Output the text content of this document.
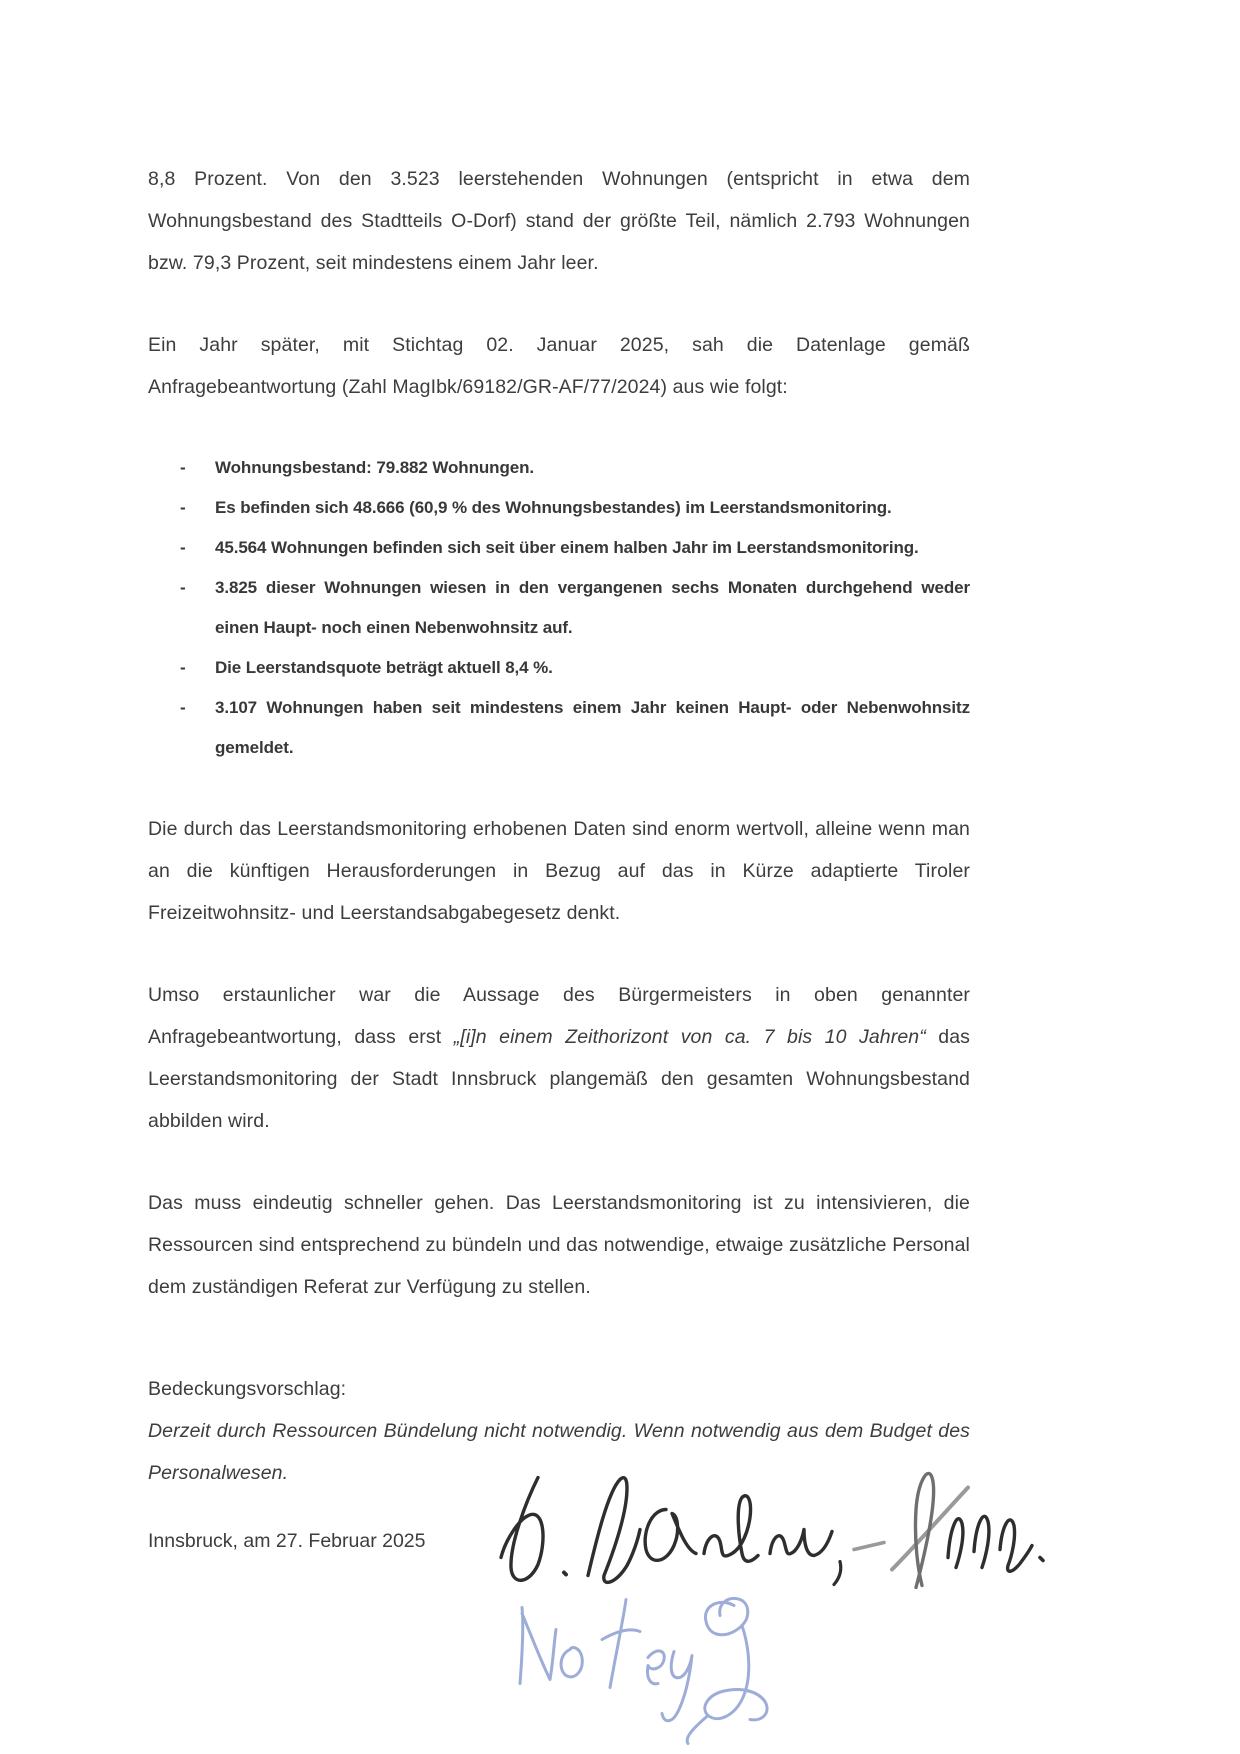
8,8 Prozent. Von den 3.523 leerstehenden Wohnungen (entspricht in etwa dem Wohnungsbestand des Stadtteils O-Dorf) stand der größte Teil, nämlich 2.793 Wohnungen bzw. 79,3 Prozent, seit mindestens einem Jahr leer.

Ein Jahr später, mit Stichtag 02. Januar 2025, sah die Datenlage gemäß Anfragebeantwortung (Zahl MagIbk/69182/GR-AF/77/2024) aus wie folgt:

-	Wohnungsbestand: 79.882 Wohnungen.
-	Es befinden sich 48.666 (60,9 % des Wohnungsbestandes) im Leerstandsmonitoring.
-	45.564 Wohnungen befinden sich seit über einem halben Jahr im Leerstandsmonitoring.
-	3.825 dieser Wohnungen wiesen in den vergangenen sechs Monaten durchgehend weder einen Haupt- noch einen Nebenwohnsitz auf.
-	Die Leerstandsquote beträgt aktuell 8,4 %.
-	3.107 Wohnungen haben seit mindestens einem Jahr keinen Haupt- oder Nebenwohnsitz gemeldet.

Die durch das Leerstandsmonitoring erhobenen Daten sind enorm wertvoll, alleine wenn man an die künftigen Herausforderungen in Bezug auf das in Kürze adaptierte Tiroler Freizeitwohnsitz- und Leerstandsabgabegesetz denkt.

Umso erstaunlicher war die Aussage des Bürgermeisters in oben genannter Anfragebeantwortung, dass erst „[i]n einem Zeithorizont von ca. 7 bis 10 Jahren“ das Leerstandsmonitoring der Stadt Innsbruck plangemäß den gesamten Wohnungsbestand abbilden wird.

Das muss eindeutig schneller gehen. Das Leerstandsmonitoring ist zu intensivieren, die Ressourcen sind entsprechend zu bündeln und das notwendige, etwaige zusätzliche Personal dem zuständigen Referat zur Verfügung zu stellen.

Bedeckungsvorschlag:

Derzeit durch Ressourcen Bündelung nicht notwendig. Wenn notwendig aus dem Budget des Personalwesen.

Innsbruck, am 27. Februar 2025
